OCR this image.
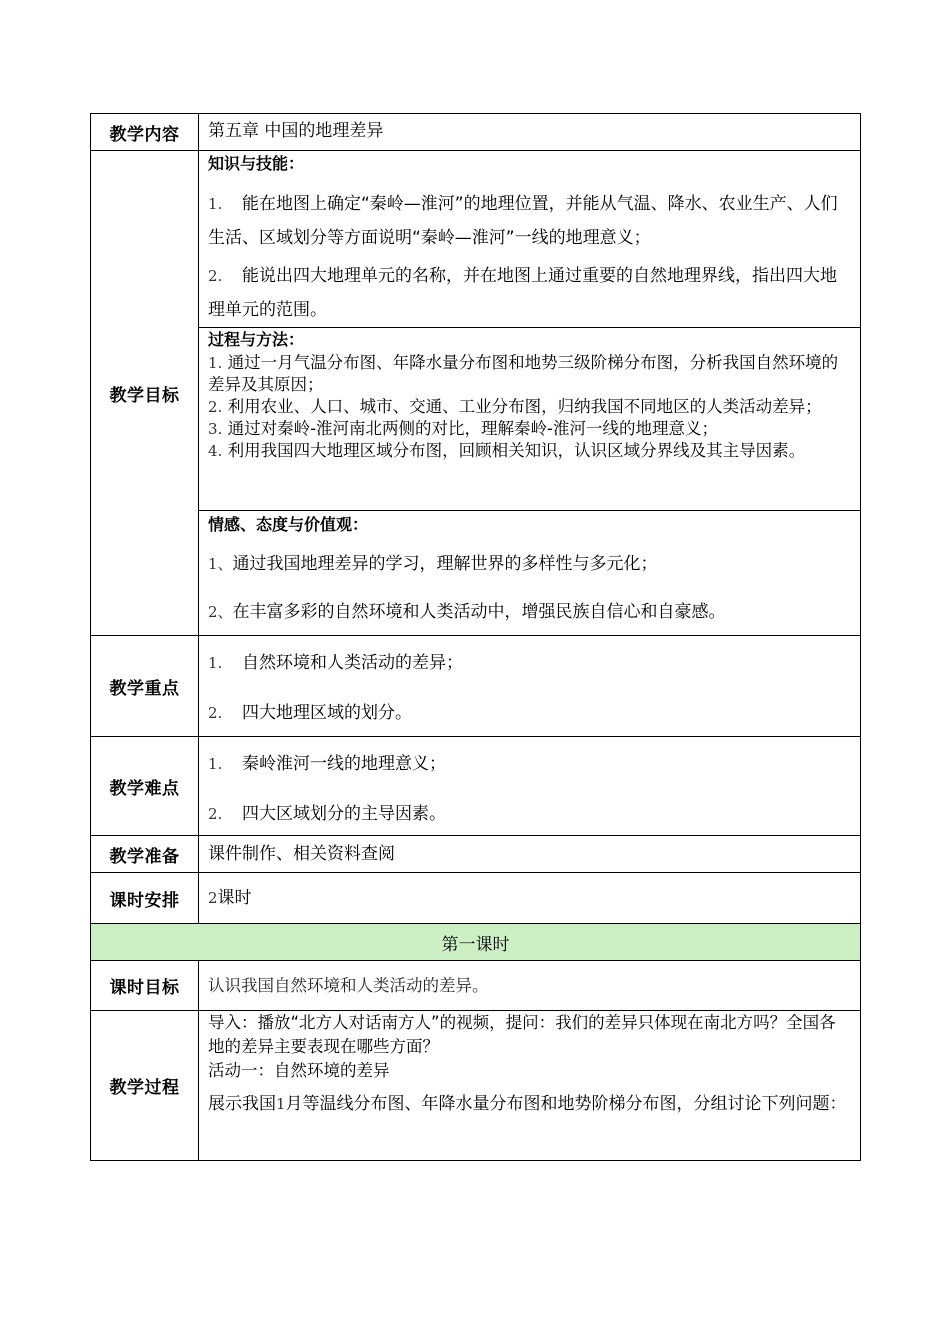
教学内容	第五章 中国的地理差异

教学目标	知识与技能：
1. 能在地图上确定“秦岭—淮河”的地理位置，并能从气温、降水、农业生产、人们生活、区域划分等方面说明“秦岭—淮河”一线的地理意义；
2. 能说出四大地理单元的名称，并在地图上通过重要的自然地理界线，指出四大地理单元的范围。

	过程与方法：
1. 通过一月气温分布图、年降水量分布图和地势三级阶梯分布图，分析我国自然环境的差异及其原因；
2. 利用农业、人口、城市、交通、工业分布图，归纳我国不同地区的人类活动差异；
3. 通过对秦岭-淮河南北两侧的对比，理解秦岭-淮河一线的地理意义；
4. 利用我国四大地理区域分布图，回顾相关知识，认识区域分界线及其主导因素。

	情感、态度与价值观：
1、通过我国地理差异的学习，理解世界的多样性与多元化；
2、在丰富多彩的自然环境和人类活动中，增强民族自信心和自豪感。

教学重点	1. 自然环境和人类活动的差异；
2. 四大地理区域的划分。

教学难点	1. 秦岭淮河一线的地理意义；
2. 四大区域划分的主导因素。

教学准备	课件制作、相关资料查阅

课时安排	2课时

第一课时	
课时目标	认识我国自然环境和人类活动的差异。

教学过程	导入：播放“北方人对话南方人”的视频，提问：我们的差异只体现在南北方吗？全国各地的差异主要表现在哪些方面？
活动一：自然环境的差异
展示我国1月等温线分布图、年降水量分布图和地势阶梯分布图，分组讨论下列问题：
